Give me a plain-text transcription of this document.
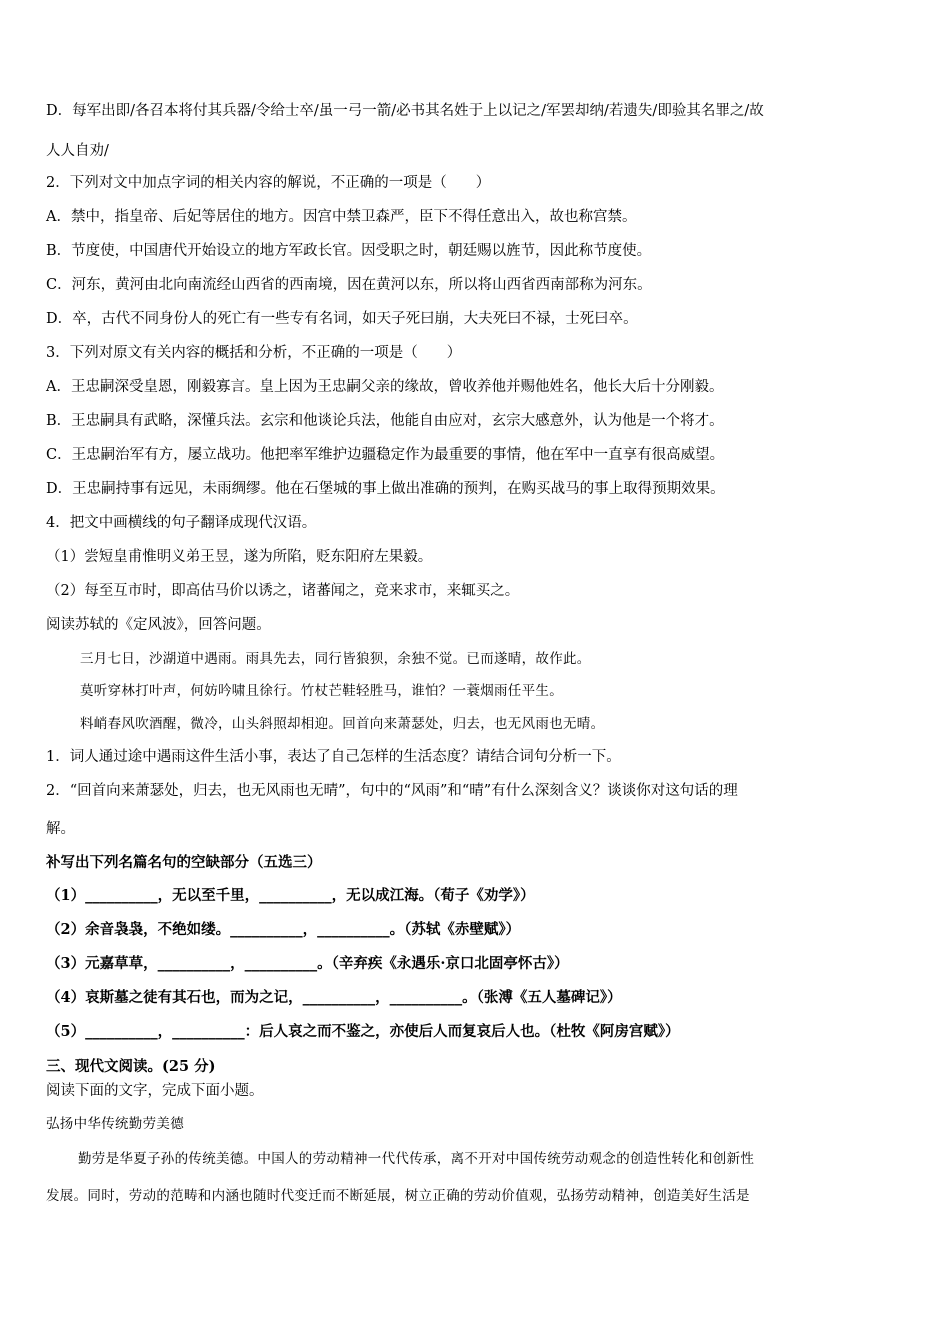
D．每军出即/各召本将付其兵器/令给士卒/虽一弓一箭/必书其名姓于上以记之/军罢却纳/若遗失/即验其名罪之/故
人人自劝/
2．下列对文中加点字词的相关内容的解说，不正确的一项是（　　）
A．禁中，指皇帝、后妃等居住的地方。因宫中禁卫森严，臣下不得任意出入，故也称宫禁。
B．节度使，中国唐代开始设立的地方军政长官。因受职之时，朝廷赐以旌节，因此称节度使。
C．河东，黄河由北向南流经山西省的西南境，因在黄河以东，所以将山西省西南部称为河东。
D．卒，古代不同身份人的死亡有一些专有名词，如天子死曰崩，大夫死曰不禄，士死曰卒。
3．下列对原文有关内容的概括和分析，不正确的一项是（　　）
A．王忠嗣深受皇恩，刚毅寡言。皇上因为王忠嗣父亲的缘故，曾收养他并赐他姓名，他长大后十分刚毅。
B．王忠嗣具有武略，深懂兵法。玄宗和他谈论兵法，他能自由应对，玄宗大感意外，认为他是一个将才。
C．王忠嗣治军有方，屡立战功。他把率军维护边疆稳定作为最重要的事情，他在军中一直享有很高威望。
D．王忠嗣持事有远见，未雨绸缪。他在石堡城的事上做出准确的预判，在购买战马的事上取得预期效果。
4．把文中画横线的句子翻译成现代汉语。
（1）尝短皇甫惟明义弟王昱，遂为所陷，贬东阳府左果毅。
（2）每至互市时，即高估马价以诱之，诸蕃闻之，竞来求市，来辄买之。
阅读苏轼的《定风波》，回答问题。
三月七日，沙湖道中遇雨。雨具先去，同行皆狼狈，余独不觉。已而遂晴，故作此。
莫听穿林打叶声，何妨吟啸且徐行。竹杖芒鞋轻胜马，谁怕？一蓑烟雨任平生。
料峭春风吹酒醒，微冷，山头斜照却相迎。回首向来萧瑟处，归去，也无风雨也无晴。
1．词人通过途中遇雨这件生活小事，表达了自己怎样的生活态度？请结合词句分析一下。
2．“回首向来萧瑟处，归去，也无风雨也无晴”，句中的“风雨”和“晴”有什么深刻含义？谈谈你对这句话的理
解。
补写出下列名篇名句的空缺部分（五选三）
（1）__________，无以至千里，__________，无以成江海。（荀子《劝学》）
（2）余音袅袅，不绝如缕。__________，__________。（苏轼《赤壁赋》）
（3）元嘉草草，__________，__________。（辛弃疾《永遇乐·京口北固亭怀古》）
（4）哀斯墓之徒有其石也，而为之记，__________，__________。（张溥《五人墓碑记》）
（5）__________，__________：后人哀之而不鉴之，亦使后人而复哀后人也。（杜牧《阿房宫赋》）
三、现代文阅读。(25 分)
阅读下面的文字，完成下面小题。
弘扬中华传统勤劳美德
勤劳是华夏子孙的传统美德。中国人的劳动精神一代代传承，离不开对中国传统劳动观念的创造性转化和创新性
发展。同时，劳动的范畴和内涵也随时代变迁而不断延展，树立正确的劳动价值观，弘扬劳动精神，创造美好生活是
